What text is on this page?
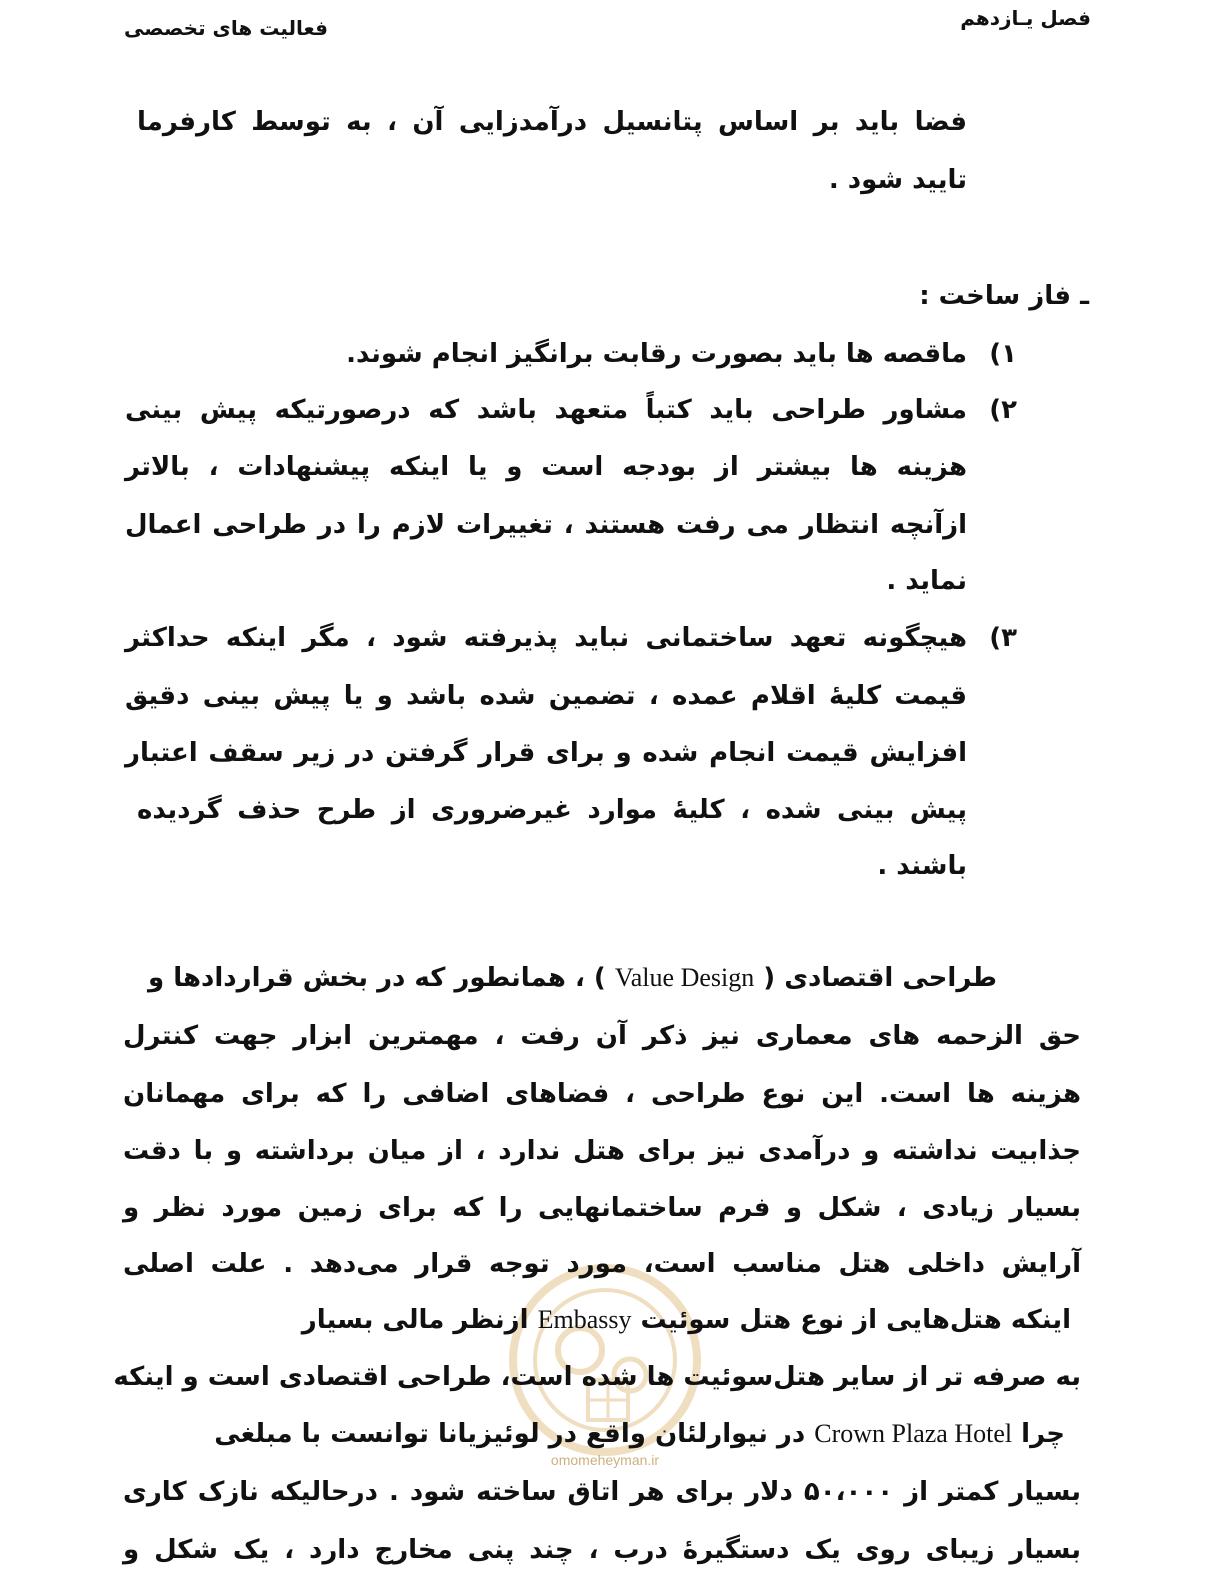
فصل یـازدهم
فعالیت های تخصصی
فضا باید بر اساس پتانسیل درآمدزایی آن ، به توسط کارفرما
تایید شود .
ـ فاز ساخت :
۱)
ماقصه ها باید بصورت رقابت برانگیز انجام شوند.
۲)
مشاور طراحی باید کتباً متعهد باشد که درصورتیکه پیش بینی
هزینه ها بیشتر از بودجه است و یا اینکه پیشنهادات ، بالاتر
ازآنچه انتظار می رفت هستند ، تغییرات لازم را در طراحی اعمال
نماید .
۳)
هیچگونه تعهد ساختمانی نباید پذیرفته شود ، مگر اینکه حداکثر
قیمت کلیهٔ اقلام عمده ، تضمین شده باشد و یا پیش بینی دقیق
افزایش قیمت انجام شده و برای قرار گرفتن در زیر سقف اعتبار
پیش بینی شده ، کلیهٔ موارد غیرضروری از طرح حذف گردیده
باشند .
omomeheyman.ir
طراحی اقتصادی ( Value Design ) ، همانطور که در بخش قراردادها و
حق الزحمه های معماری نیز ذکر آن رفت ، مهمترین ابزار جهت کنترل
هزینه ها است. این نوع طراحی ، فضاهای اضافی را که برای مهمانان
جذابیت نداشته و درآمدی نیز برای هتل ندارد ، از میان برداشته و با دقت
بسیار زیادی ، شکل و فرم ساختمانهایی را که برای زمین مورد نظر و
آرایش داخلی هتل مناسب است، مورد توجه قرار می‌دهد . علت اصلی
اینکه هتل‌هایی از نوع هتل سوئیت Embassy ازنظر مالی بسیار
به صرفه تر از سایر هتل‌سوئیت ها شده است، طراحی اقتصادی است و اینکه
چرا Crown Plaza Hotel در نیوارلئان واقع در لوئیزیانا توانست با مبلغی
بسیار کمتر از ۵۰،۰۰۰ دلار برای هر اتاق ساخته شود . درحالیکه نازک کاری
بسیار زیبای روی یک دستگیرهٔ درب ، چند پنی مخارج دارد ، یک شکل و
